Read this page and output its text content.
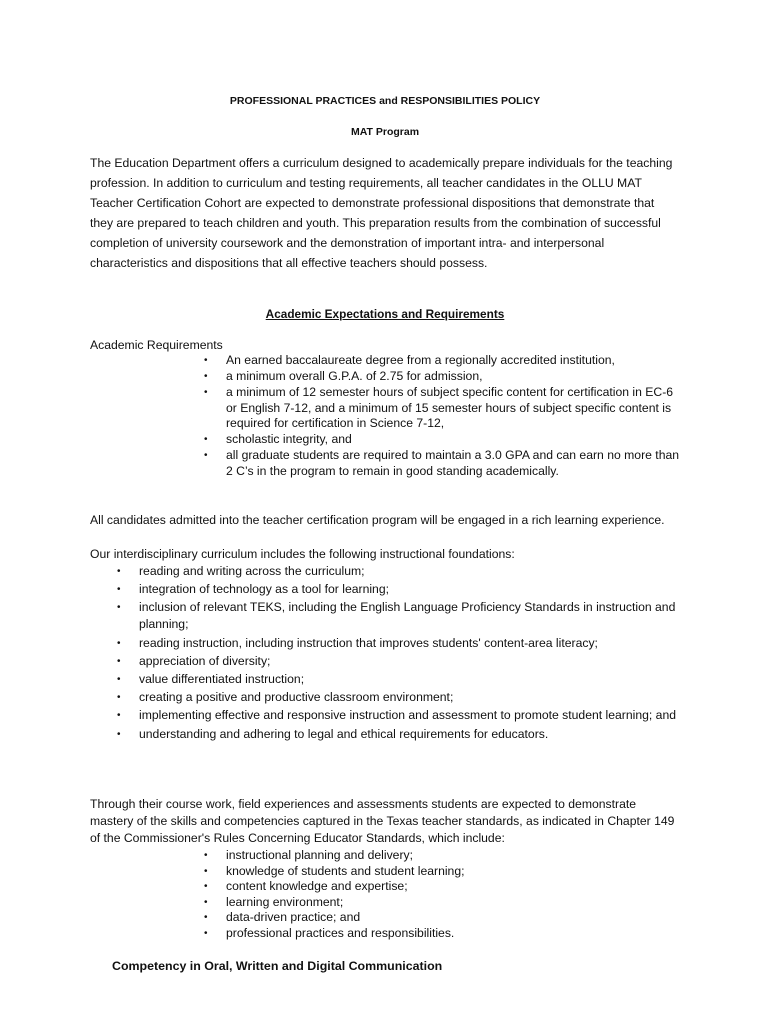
PROFESSIONAL PRACTICES and RESPONSIBILITIES POLICY

MAT Program

The Education Department offers a curriculum designed to academically prepare individuals for the teaching profession. In addition to curriculum and testing requirements, all teacher candidates in the OLLU MAT Teacher Certification Cohort are expected to demonstrate professional dispositions that demonstrate that they are prepared to teach children and youth. This preparation results from the combination of successful completion of university coursework and the demonstration of important intra- and interpersonal characteristics and dispositions that all effective teachers should possess.

Academic Expectations and Requirements

Academic Requirements

• An earned baccalaureate degree from a regionally accredited institution,
• a minimum overall G.P.A. of 2.75 for admission,
• a minimum of 12 semester hours of subject specific content for certification in EC-6 or English 7-12, and a minimum of 15 semester hours of subject specific content is required for certification in Science 7-12,
• scholastic integrity, and
• all graduate students are required to maintain a 3.0 GPA and can earn no more than 2 C’s in the program to remain in good standing academically.

All candidates admitted into the teacher certification program will be engaged in a rich learning experience.

Our interdisciplinary curriculum includes the following instructional foundations:

• reading and writing across the curriculum;
• integration of technology as a tool for learning;
• inclusion of relevant TEKS, including the English Language Proficiency Standards in instruction and planning;
• reading instruction, including instruction that improves students' content-area literacy;
• appreciation of diversity;
• value differentiated instruction;
• creating a positive and productive classroom environment;
• implementing effective and responsive instruction and assessment to promote student learning; and
• understanding and adhering to legal and ethical requirements for educators.

Through their course work, field experiences and assessments students are expected to demonstrate mastery of the skills and competencies captured in the Texas teacher standards, as indicated in Chapter 149 of the Commissioner's Rules Concerning Educator Standards, which include:

• instructional planning and delivery;
• knowledge of students and student learning;
• content knowledge and expertise;
• learning environment;
• data-driven practice; and
• professional practices and responsibilities.

Competency in Oral, Written and Digital Communication
